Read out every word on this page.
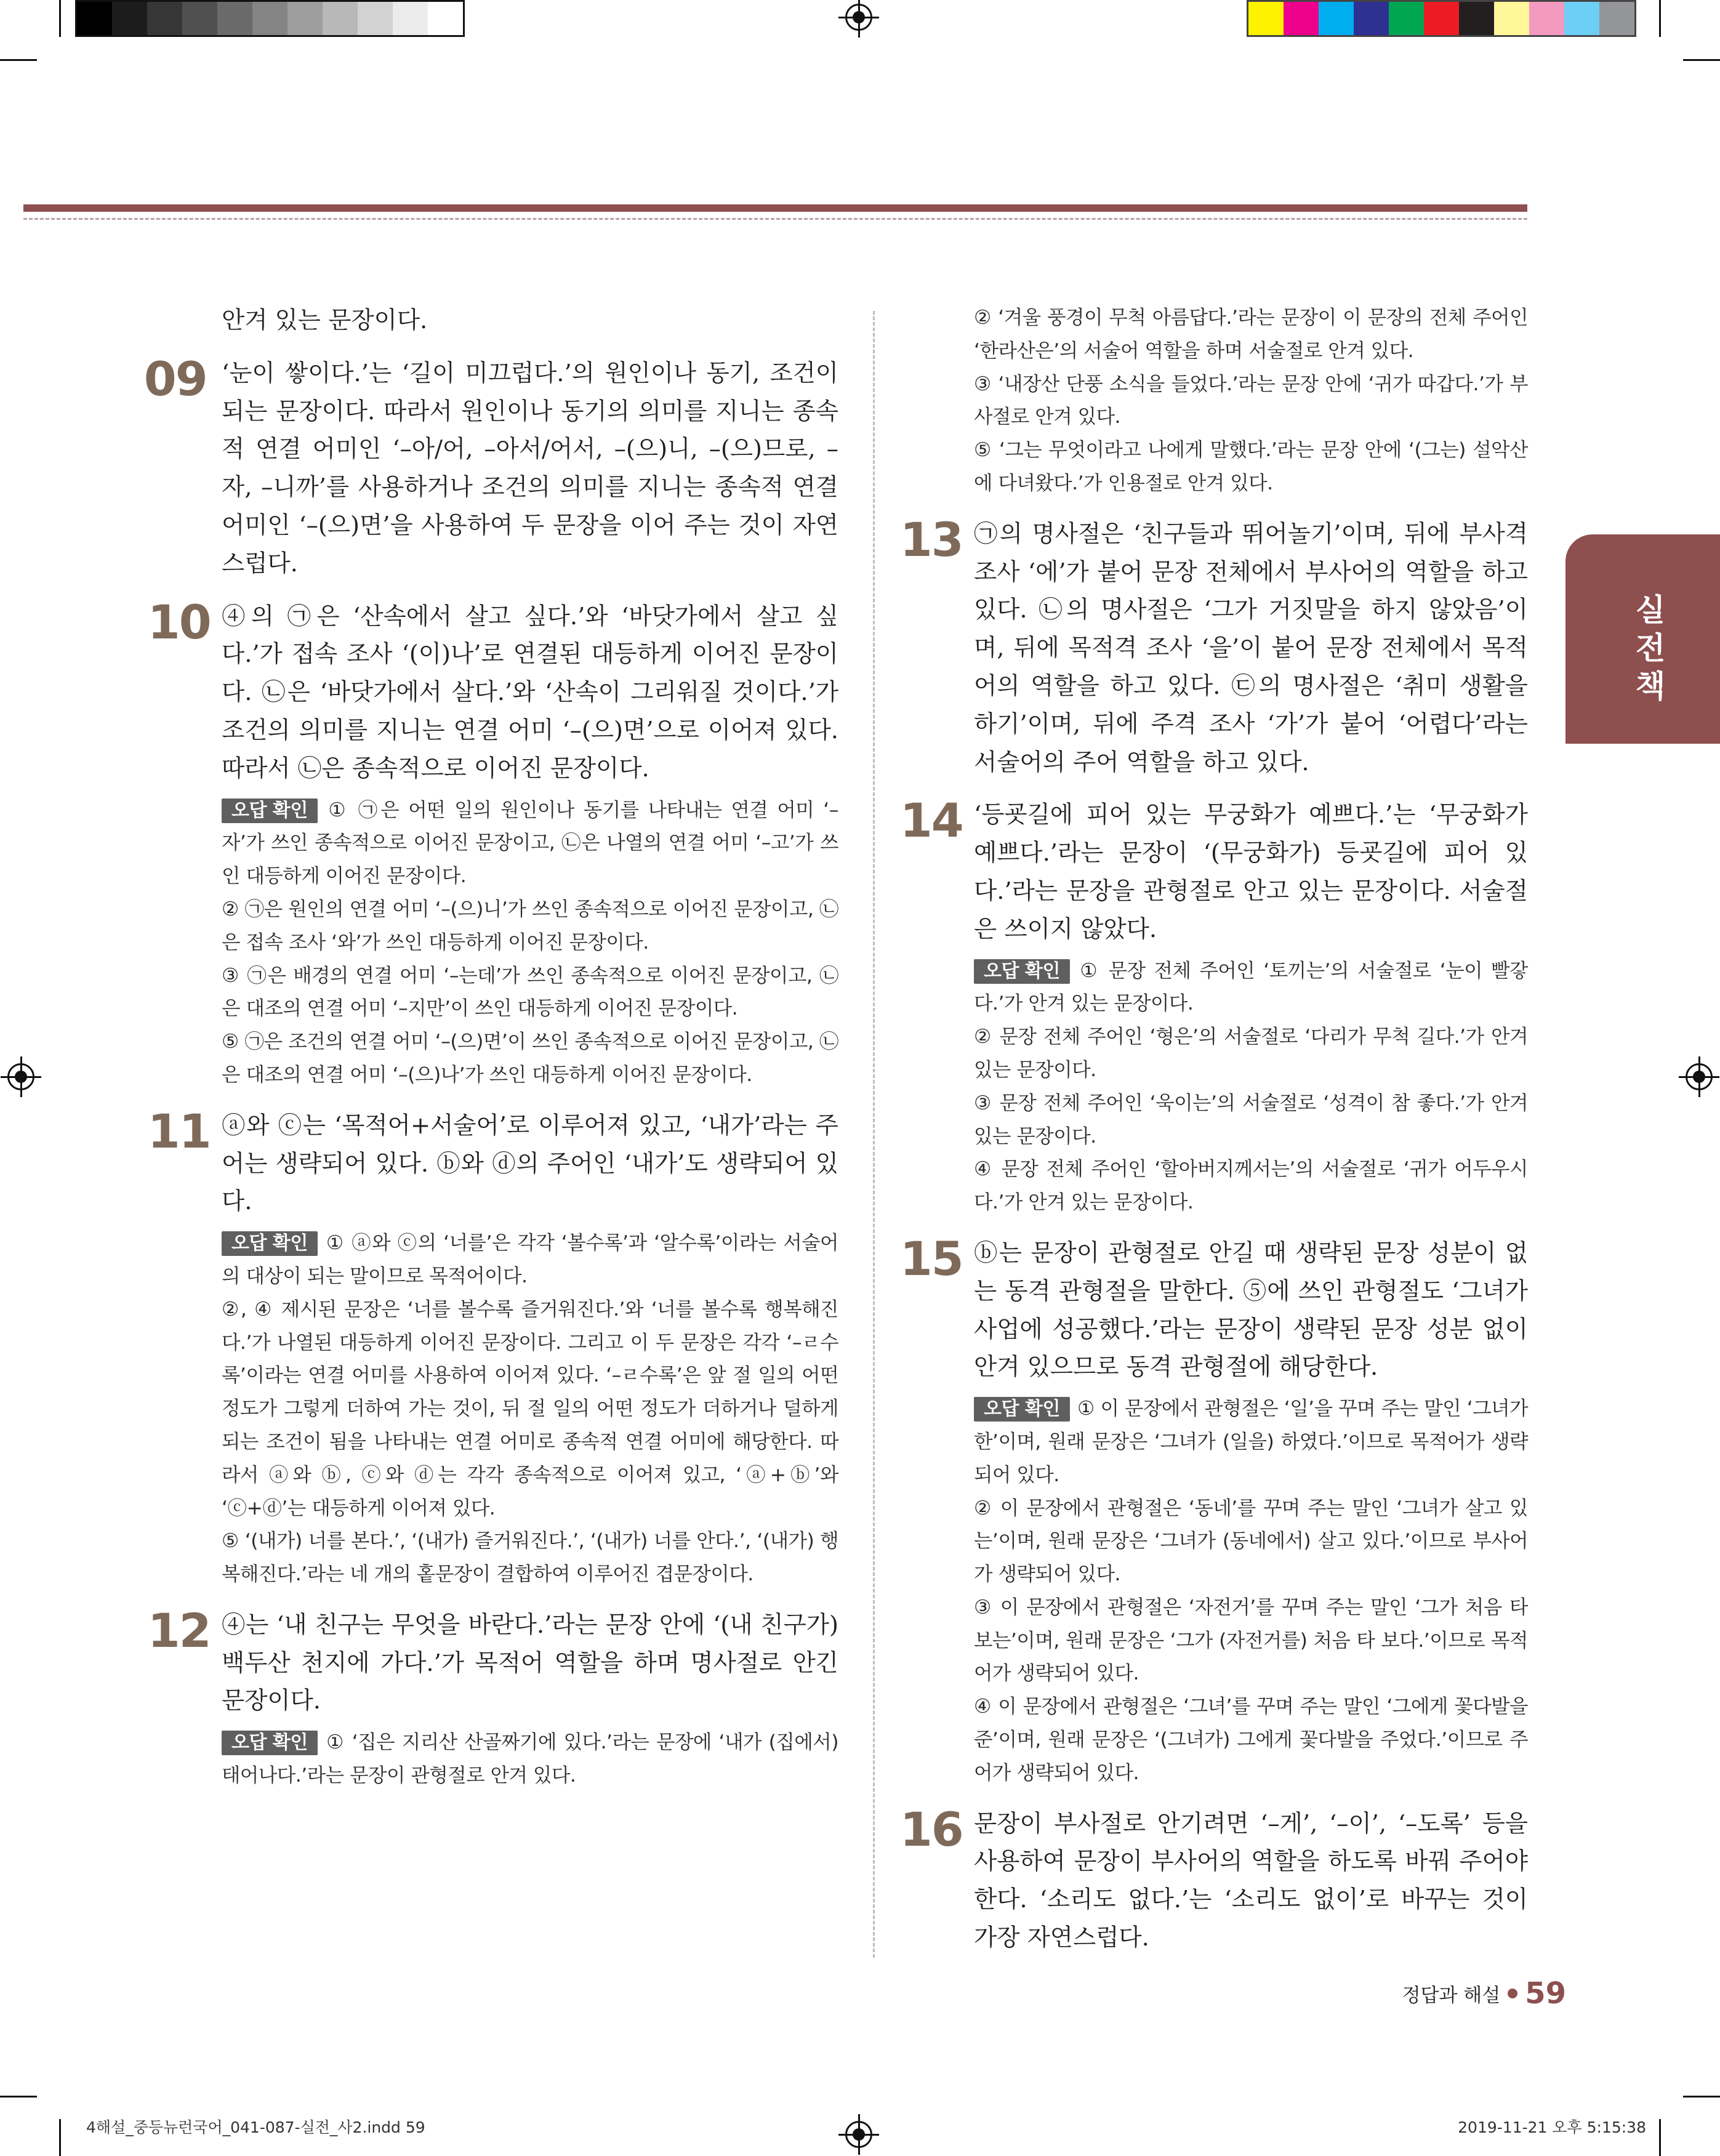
실전책

안겨 있는 문장이다.

09 ‘눈이 쌓이다.’는 ‘길이 미끄럽다.’의 원인이나 동기, 조건이 되는 문장이다. 따라서 원인이나 동기의 의미를 지니는 종속적 연결 어미인 ‘–아/어, –아서/어서, –(으)니, –(으)므로, –자, –니까’를 사용하거나 조건의 의미를 지니는 종속적 연결 어미인 ‘–(으)면’을 사용하여 두 문장을 이어 주는 것이 자연스럽다.

10 ④의 ㉠은 ‘산속에서 살고 싶다.’와 ‘바닷가에서 살고 싶다.’가 접속 조사 ‘(이)나’로 연결된 대등하게 이어진 문장이다. ㉡은 ‘바닷가에서 살다.’와 ‘산속이 그리워질 것이다.’가 조건의 의미를 지니는 연결 어미 ‘–(으)면’으로 이어져 있다. 따라서 ㉡은 종속적으로 이어진 문장이다.

오답 확인 ① ㉠은 어떤 일의 원인이나 동기를 나타내는 연결 어미 ‘–자’가 쓰인 종속적으로 이어진 문장이고, ㉡은 나열의 연결 어미 ‘–고’가 쓰인 대등하게 이어진 문장이다.

② ㉠은 원인의 연결 어미 ‘–(으)니’가 쓰인 종속적으로 이어진 문장이고, ㉡은 접속 조사 ‘와’가 쓰인 대등하게 이어진 문장이다.

③ ㉠은 배경의 연결 어미 ‘–는데’가 쓰인 종속적으로 이어진 문장이고, ㉡은 대조의 연결 어미 ‘–지만’이 쓰인 대등하게 이어진 문장이다.

⑤ ㉠은 조건의 연결 어미 ‘–(으)면’이 쓰인 종속적으로 이어진 문장이고, ㉡은 대조의 연결 어미 ‘–(으)나’가 쓰인 대등하게 이어진 문장이다.

11 ⓐ와 ⓒ는 ‘목적어+서술어’로 이루어져 있고, ‘내가’라는 주어는 생략되어 있다. ⓑ와 ⓓ의 주어인 ‘내가’도 생략되어 있다.

오답 확인 ① ⓐ와 ⓒ의 ‘너를’은 각각 ‘볼수록’과 ‘알수록’이라는 서술어의 대상이 되는 말이므로 목적어이다.

②, ④ 제시된 문장은 ‘너를 볼수록 즐거워진다.’와 ‘너를 볼수록 행복해진다.’가 나열된 대등하게 이어진 문장이다. 그리고 이 두 문장은 각각 ‘–ㄹ수록’이라는 연결 어미를 사용하여 이어져 있다. ‘–ㄹ수록’은 앞 절 일의 어떤 정도가 그렇게 더하여 가는 것이, 뒤 절 일의 어떤 정도가 더하거나 덜하게 되는 조건이 됨을 나타내는 연결 어미로 종속적 연결 어미에 해당한다. 따라서 ⓐ와 ⓑ, ⓒ와 ⓓ는 각각 종속적으로 이어져 있고, ‘ⓐ+ⓑ’와 ‘ⓒ+ⓓ’는 대등하게 이어져 있다.

⑤ ‘(내가) 너를 본다.’, ‘(내가) 즐거워진다.’, ‘(내가) 너를 안다.’, ‘(내가) 행복해진다.’라는 네 개의 홑문장이 결합하여 이루어진 겹문장이다.

12 ④는 ‘내 친구는 무엇을 바란다.’라는 문장 안에 ‘(내 친구가) 백두산 천지에 가다.’가 목적어 역할을 하며 명사절로 안긴 문장이다.

오답 확인 ① ‘집은 지리산 산골짜기에 있다.’라는 문장에 ‘내가 (집에서) 태어나다.’라는 문장이 관형절로 안겨 있다.

② ‘겨울 풍경이 무척 아름답다.’라는 문장이 이 문장의 전체 주어인 ‘한라산은’의 서술어 역할을 하며 서술절로 안겨 있다.

③ ‘내장산 단풍 소식을 들었다.’라는 문장 안에 ‘귀가 따갑다.’가 부사절로 안겨 있다.

⑤ ‘그는 무엇이라고 나에게 말했다.’라는 문장 안에 ‘(그는) 설악산에 다녀왔다.’가 인용절로 안겨 있다.

13 ㉠의 명사절은 ‘친구들과 뛰어놀기’이며, 뒤에 부사격 조사 ‘에’가 붙어 문장 전체에서 부사어의 역할을 하고 있다. ㉡의 명사절은 ‘그가 거짓말을 하지 않았음’이며, 뒤에 목적격 조사 ‘을’이 붙어 문장 전체에서 목적어의 역할을 하고 있다. ㉢의 명사절은 ‘취미 생활을 하기’이며, 뒤에 주격 조사 ‘가’가 붙어 ‘어렵다’라는 서술어의 주어 역할을 하고 있다.

14 ‘등굣길에 피어 있는 무궁화가 예쁘다.’는 ‘무궁화가 예쁘다.’라는 문장이 ‘(무궁화가) 등굣길에 피어 있다.’라는 문장을 관형절로 안고 있는 문장이다. 서술절은 쓰이지 않았다.

오답 확인 ① 문장 전체 주어인 ‘토끼는’의 서술절로 ‘눈이 빨갛다.’가 안겨 있는 문장이다.

② 문장 전체 주어인 ‘형은’의 서술절로 ‘다리가 무척 길다.’가 안겨 있는 문장이다.

③ 문장 전체 주어인 ‘욱이는’의 서술절로 ‘성격이 참 좋다.’가 안겨 있는 문장이다.

④ 문장 전체 주어인 ‘할아버지께서는’의 서술절로 ‘귀가 어두우시다.’가 안겨 있는 문장이다.

15 ⓑ는 문장이 관형절로 안길 때 생략된 문장 성분이 없는 동격 관형절을 말한다. ⑤에 쓰인 관형절도 ‘그녀가 사업에 성공했다.’라는 문장이 생략된 문장 성분 없이 안겨 있으므로 동격 관형절에 해당한다.

오답 확인 ① 이 문장에서 관형절은 ‘일’을 꾸며 주는 말인 ‘그녀가 한’이며, 원래 문장은 ‘그녀가 (일을) 하였다.’이므로 목적어가 생략되어 있다.

② 이 문장에서 관형절은 ‘동네’를 꾸며 주는 말인 ‘그녀가 살고 있는’이며, 원래 문장은 ‘그녀가 (동네에서) 살고 있다.’이므로 부사어가 생략되어 있다.

③ 이 문장에서 관형절은 ‘자전거’를 꾸며 주는 말인 ‘그가 처음 타 보는’이며, 원래 문장은 ‘그가 (자전거를) 처음 타 보다.’이므로 목적어가 생략되어 있다.

④ 이 문장에서 관형절은 ‘그녀’를 꾸며 주는 말인 ‘그에게 꽃다발을 준’이며, 원래 문장은 ‘(그녀가) 그에게 꽃다발을 주었다.’이므로 주어가 생략되어 있다.

16 문장이 부사절로 안기려면 ‘–게’, ‘–이’, ‘–도록’ 등을 사용하여 문장이 부사어의 역할을 하도록 바꿔 주어야 한다. ‘소리도 없다.’는 ‘소리도 없이’로 바꾸는 것이 가장 자연스럽다.

정답과 해설 59
4해설_중등뉴런국어_041-087-실전_사2.indd 59	2019-11-21 오후 5:15:38
